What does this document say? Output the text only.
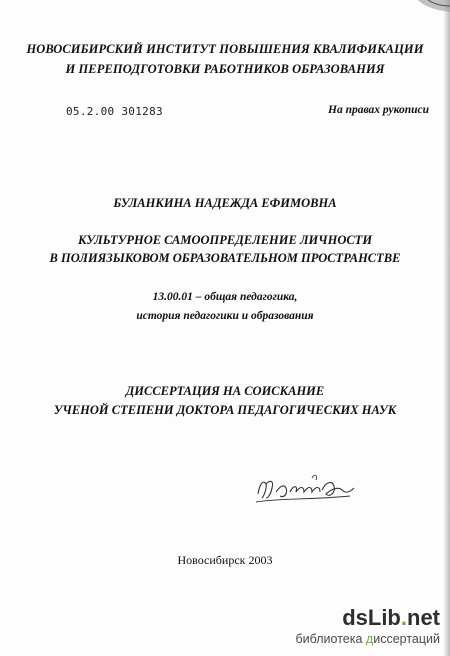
НОВОСИБИРСКИЙ ИНСТИТУТ ПОВЫШЕНИЯ КВАЛИФИКАЦИИ
И ПЕРЕПОДГОТОВКИ РАБОТНИКОВ ОБРАЗОВАНИЯ
05.2.00 301283	На правах рукописи
БУЛАНКИНА НАДЕЖДА ЕФИМОВНА
КУЛЬТУРНОЕ САМООПРЕДЕЛЕНИЕ ЛИЧНОСТИ
В ПОЛИЯЗЫКОВОМ ОБРАЗОВАТЕЛЬНОМ ПРОСТРАНСТВЕ
13.00.01 – общая педагогика,
история педагогики и образования
ДИССЕРТАЦИЯ НА СОИСКАНИЕ
УЧЕНОЙ СТЕПЕНИ ДОКТОРА ПЕДАГОГИЧЕСКИХ НАУК
Новосибирск 2003
dsLib.net
библиотека диссертаций
